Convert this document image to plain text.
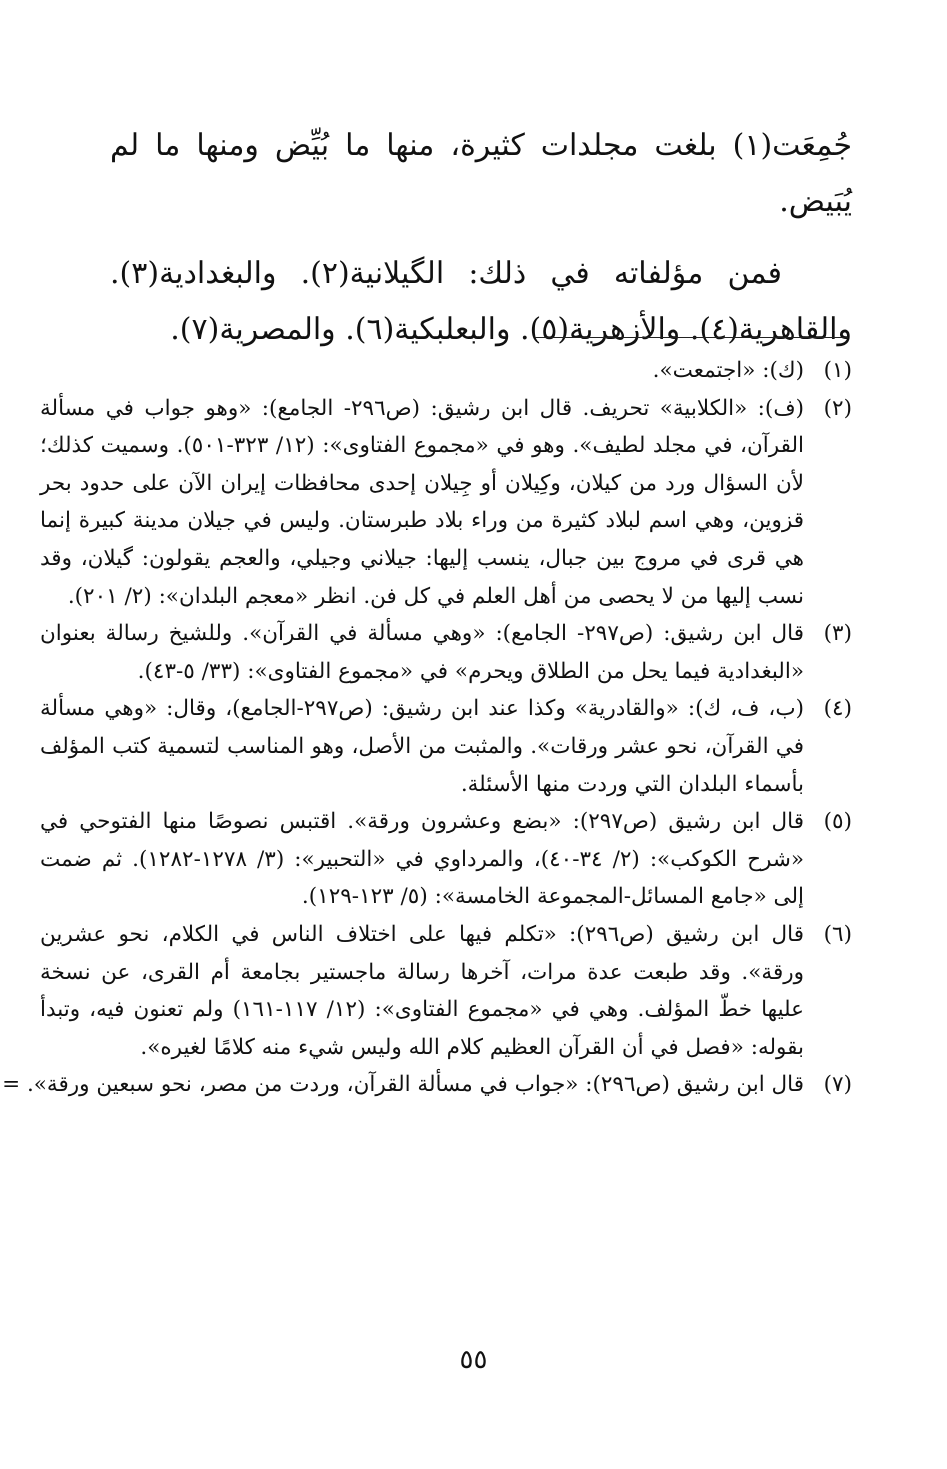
جُمِعَت(١) بلغت مجلدات كثيرة، منها ما بُيِّض ومنها ما لم يُبَيض.

فمن مؤلفاته في ذلك: الگيلانية(٢). والبغدادية(٣). والقاهرية(٤). والأزهرية(٥). والبعلبكية(٦). والمصرية(٧).

(١)
(ك): «اجتمعت».
(٢)
(ف): «الكلابية» تحريف. قال ابن رشيق: (ص٢٩٦- الجامع): «وهو جواب في مسألة القرآن، في مجلد لطيف». وهو في «مجموع الفتاوى»: (١٢/ ٣٢٣-٥٠١). وسميت كذلك؛ لأن السؤال ورد من كيلان، وكِيلان أو جِيلان إحدى محافظات إيران الآن على حدود بحر قزوين، وهي اسم لبلاد كثيرة من وراء بلاد طبرستان. وليس في جيلان مدينة كبيرة إنما هي قرى في مروج بين جبال، ينسب إليها: جيلاني وجيلي، والعجم يقولون: گيلان، وقد نسب إليها من لا يحصى من أهل العلم في كل فن. انظر «معجم البلدان»: (٢/ ٢٠١).
(٣)
قال ابن رشيق: (ص٢٩٧- الجامع): «وهي مسألة في القرآن». وللشيخ رسالة بعنوان «البغدادية فيما يحل من الطلاق ويحرم» في «مجموع الفتاوى»: (٣٣/ ٥-٤٣).
(٤)
(ب، ف، ك): «والقادرية» وكذا عند ابن رشيق: (ص٢٩٧-الجامع)، وقال: «وهي مسألة في القرآن، نحو عشر ورقات». والمثبت من الأصل، وهو المناسب لتسمية كتب المؤلف بأسماء البلدان التي وردت منها الأسئلة.
(٥)
قال ابن رشيق (ص٢٩٧): «بضع وعشرون ورقة». اقتبس نصوصًا منها الفتوحي في «شرح الكوكب»: (٢/ ٣٤-٤٠)، والمرداوي في «التحبير»: (٣/ ١٢٧٨-١٢٨٢). ثم ضمت إلى «جامع المسائل-المجموعة الخامسة»: (٥/ ١٢٣-١٢٩).
(٦)
قال ابن رشيق (ص٢٩٦): «تكلم فيها على اختلاف الناس في الكلام، نحو عشرين ورقة». وقد طبعت عدة مرات، آخرها رسالة ماجستير بجامعة أم القرى، عن نسخة عليها خطّ المؤلف. وهي في «مجموع الفتاوى»: (١٢/ ١١٧-١٦١) ولم تعنون فيه، وتبدأ بقوله: «فصل في أن القرآن العظيم كلام الله وليس شيء منه كلامًا لغيره».
(٧)
قال ابن رشيق (ص٢٩٦): «جواب في مسألة القرآن، وردت من مصر، نحو سبعين ورقة». =
٥٥
